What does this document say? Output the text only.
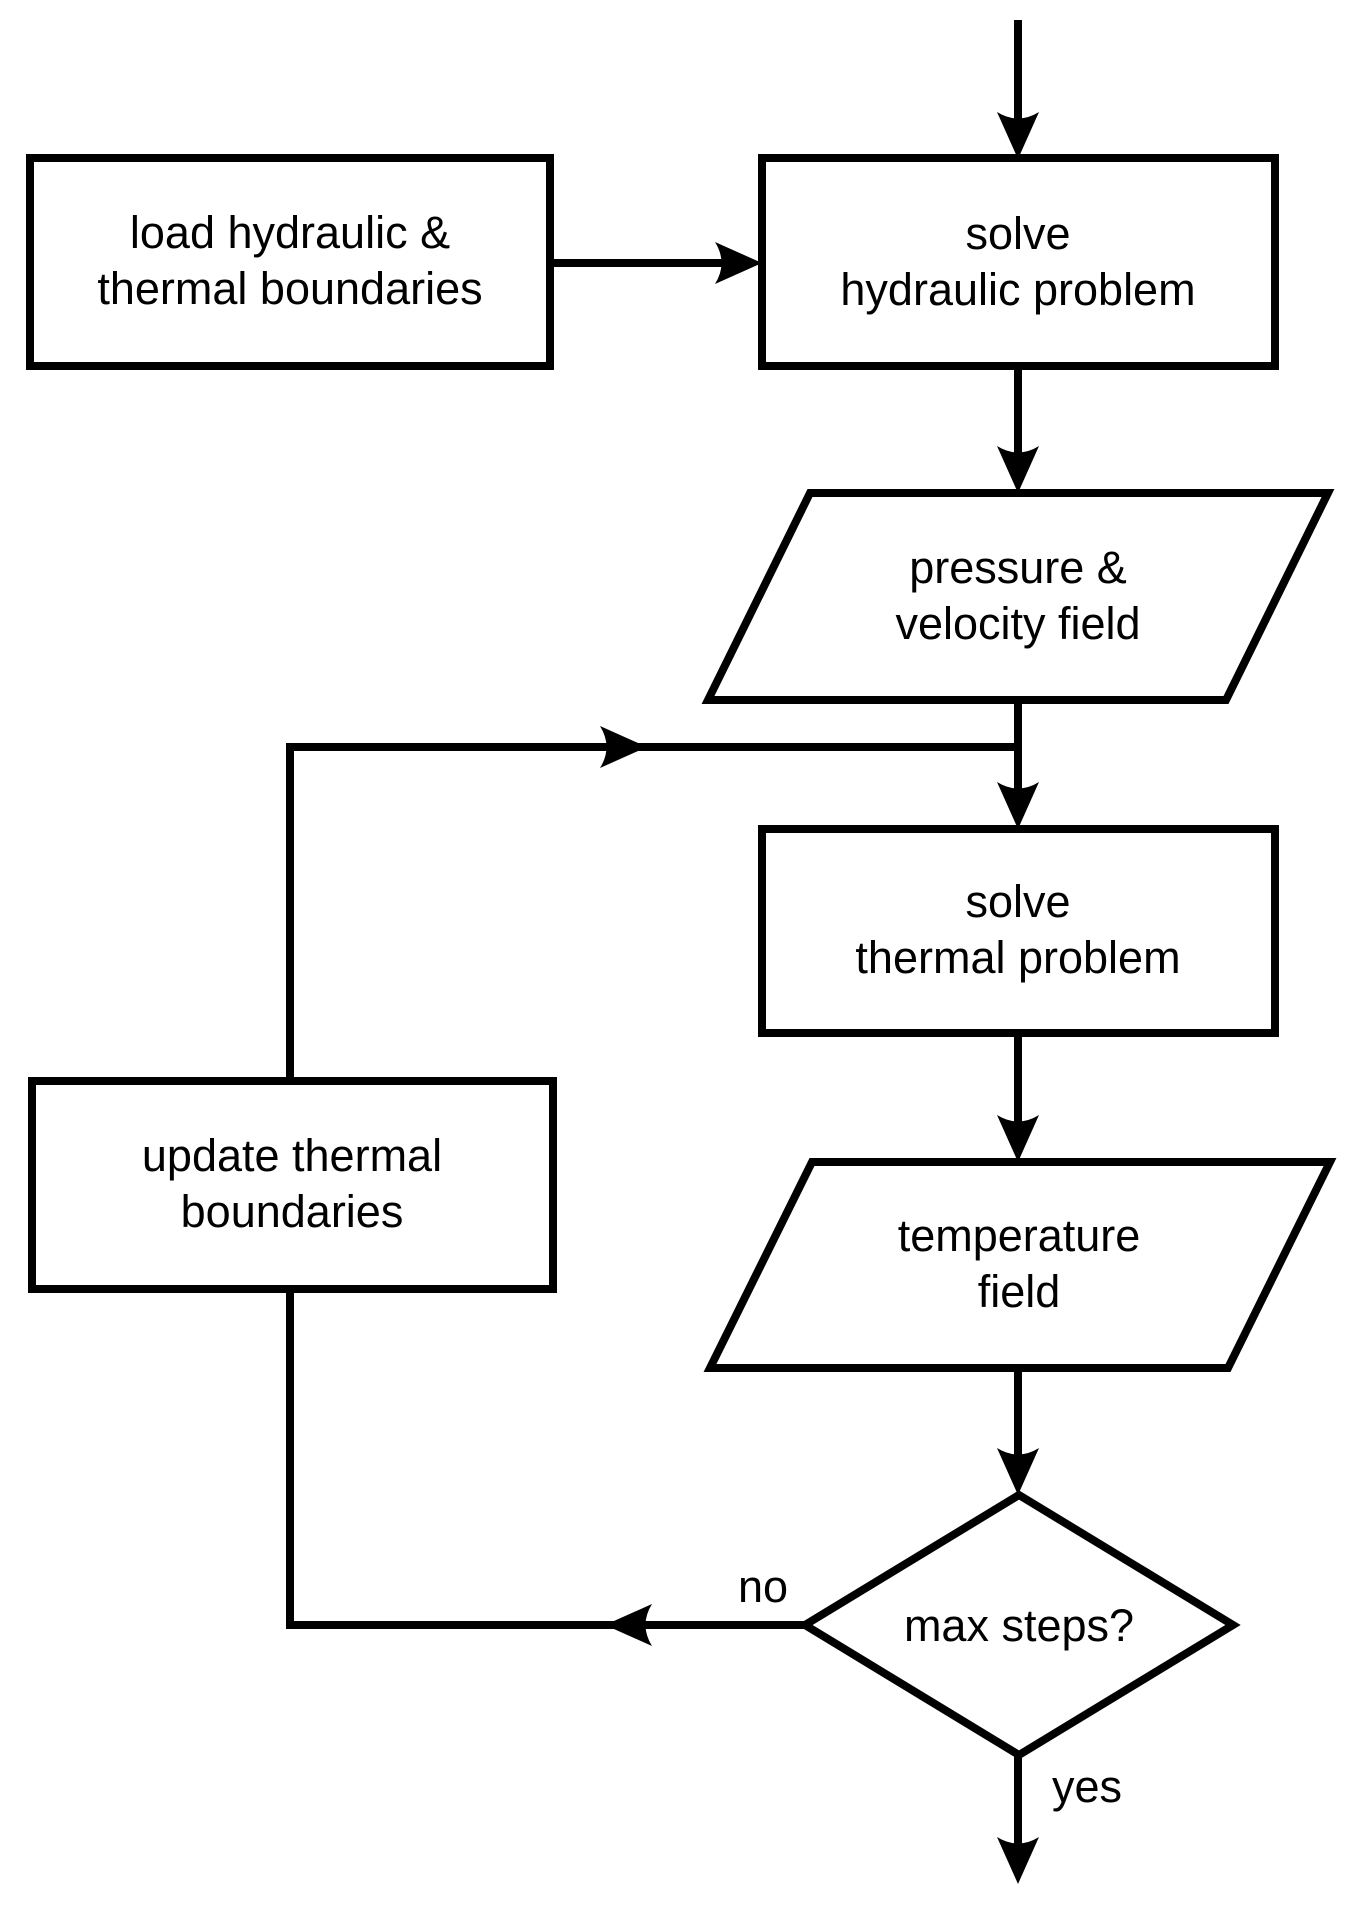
load hydraulic &
thermal boundaries
solve
hydraulic problem
pressure &
velocity field
solve
thermal problem
temperature
field
max steps?
update thermal
boundaries
no
yes
